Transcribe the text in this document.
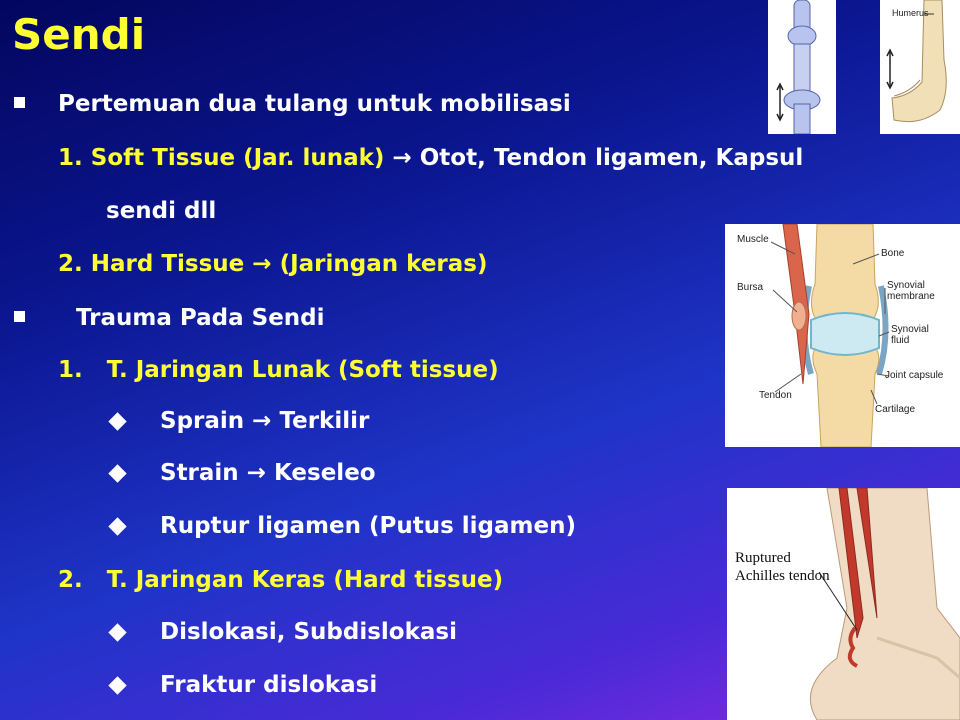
Sendi
Pertemuan dua tulang untuk mobilisasi
1. Soft Tissue (Jar. lunak) → Otot, Tendon ligamen, Kapsul
sendi dll
2. Hard Tissue → (Jaringan keras)
Trauma Pada Sendi
1. T. Jaringan Lunak (Soft tissue)
Sprain → Terkilir
Strain → Keseleo
Ruptur ligamen (Putus ligamen)
2. T. Jaringan Keras (Hard tissue)
Dislokasi, Subdislokasi
Fraktur dislokasi
Humerus
Muscle
Bone
Bursa	Synovial
membrane
Synovial
fluid
Joint capsule
Tendon
Cartilage
Ruptured
Achilles tendon
